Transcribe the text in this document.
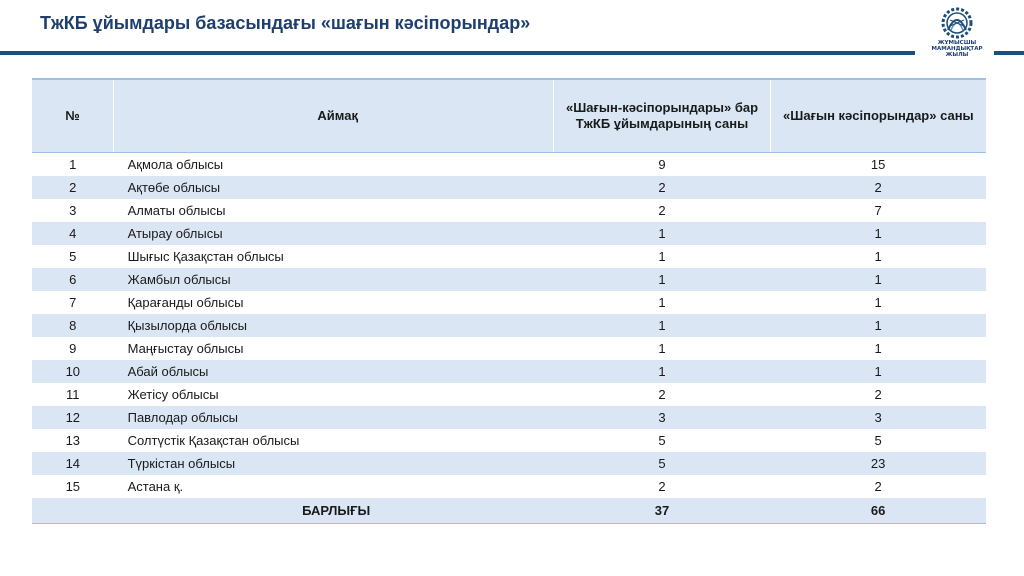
ТжКБ ұйымдары базасындағы «шағын кәсіпорындар»
ЖҰМЫСШЫ
МАМАНДЫҚТАР
ЖЫЛЫ
№	Аймақ	«Шағын-кәсіпорындары» бар ТжКБ ұйымдарының саны	«Шағын кәсіпорындар» саны
1	Ақмола облысы	9	15
2	Ақтөбе облысы	2	2
3	Алматы облысы	2	7
4	Атырау облысы	1	1
5	Шығыс Қазақстан облысы	1	1
6	Жамбыл облысы	1	1
7	Қарағанды облысы	1	1
8	Қызылорда облысы	1	1
9	Маңғыстау облысы	1	1
10	Абай облысы	1	1
11	Жетісу облысы	2	2
12	Павлодар облысы	3	3
13	Солтүстік Қазақстан облысы	5	5
14	Түркістан облысы	5	23
15	Астана қ.	2	2
	БАРЛЫҒЫ	37	66
